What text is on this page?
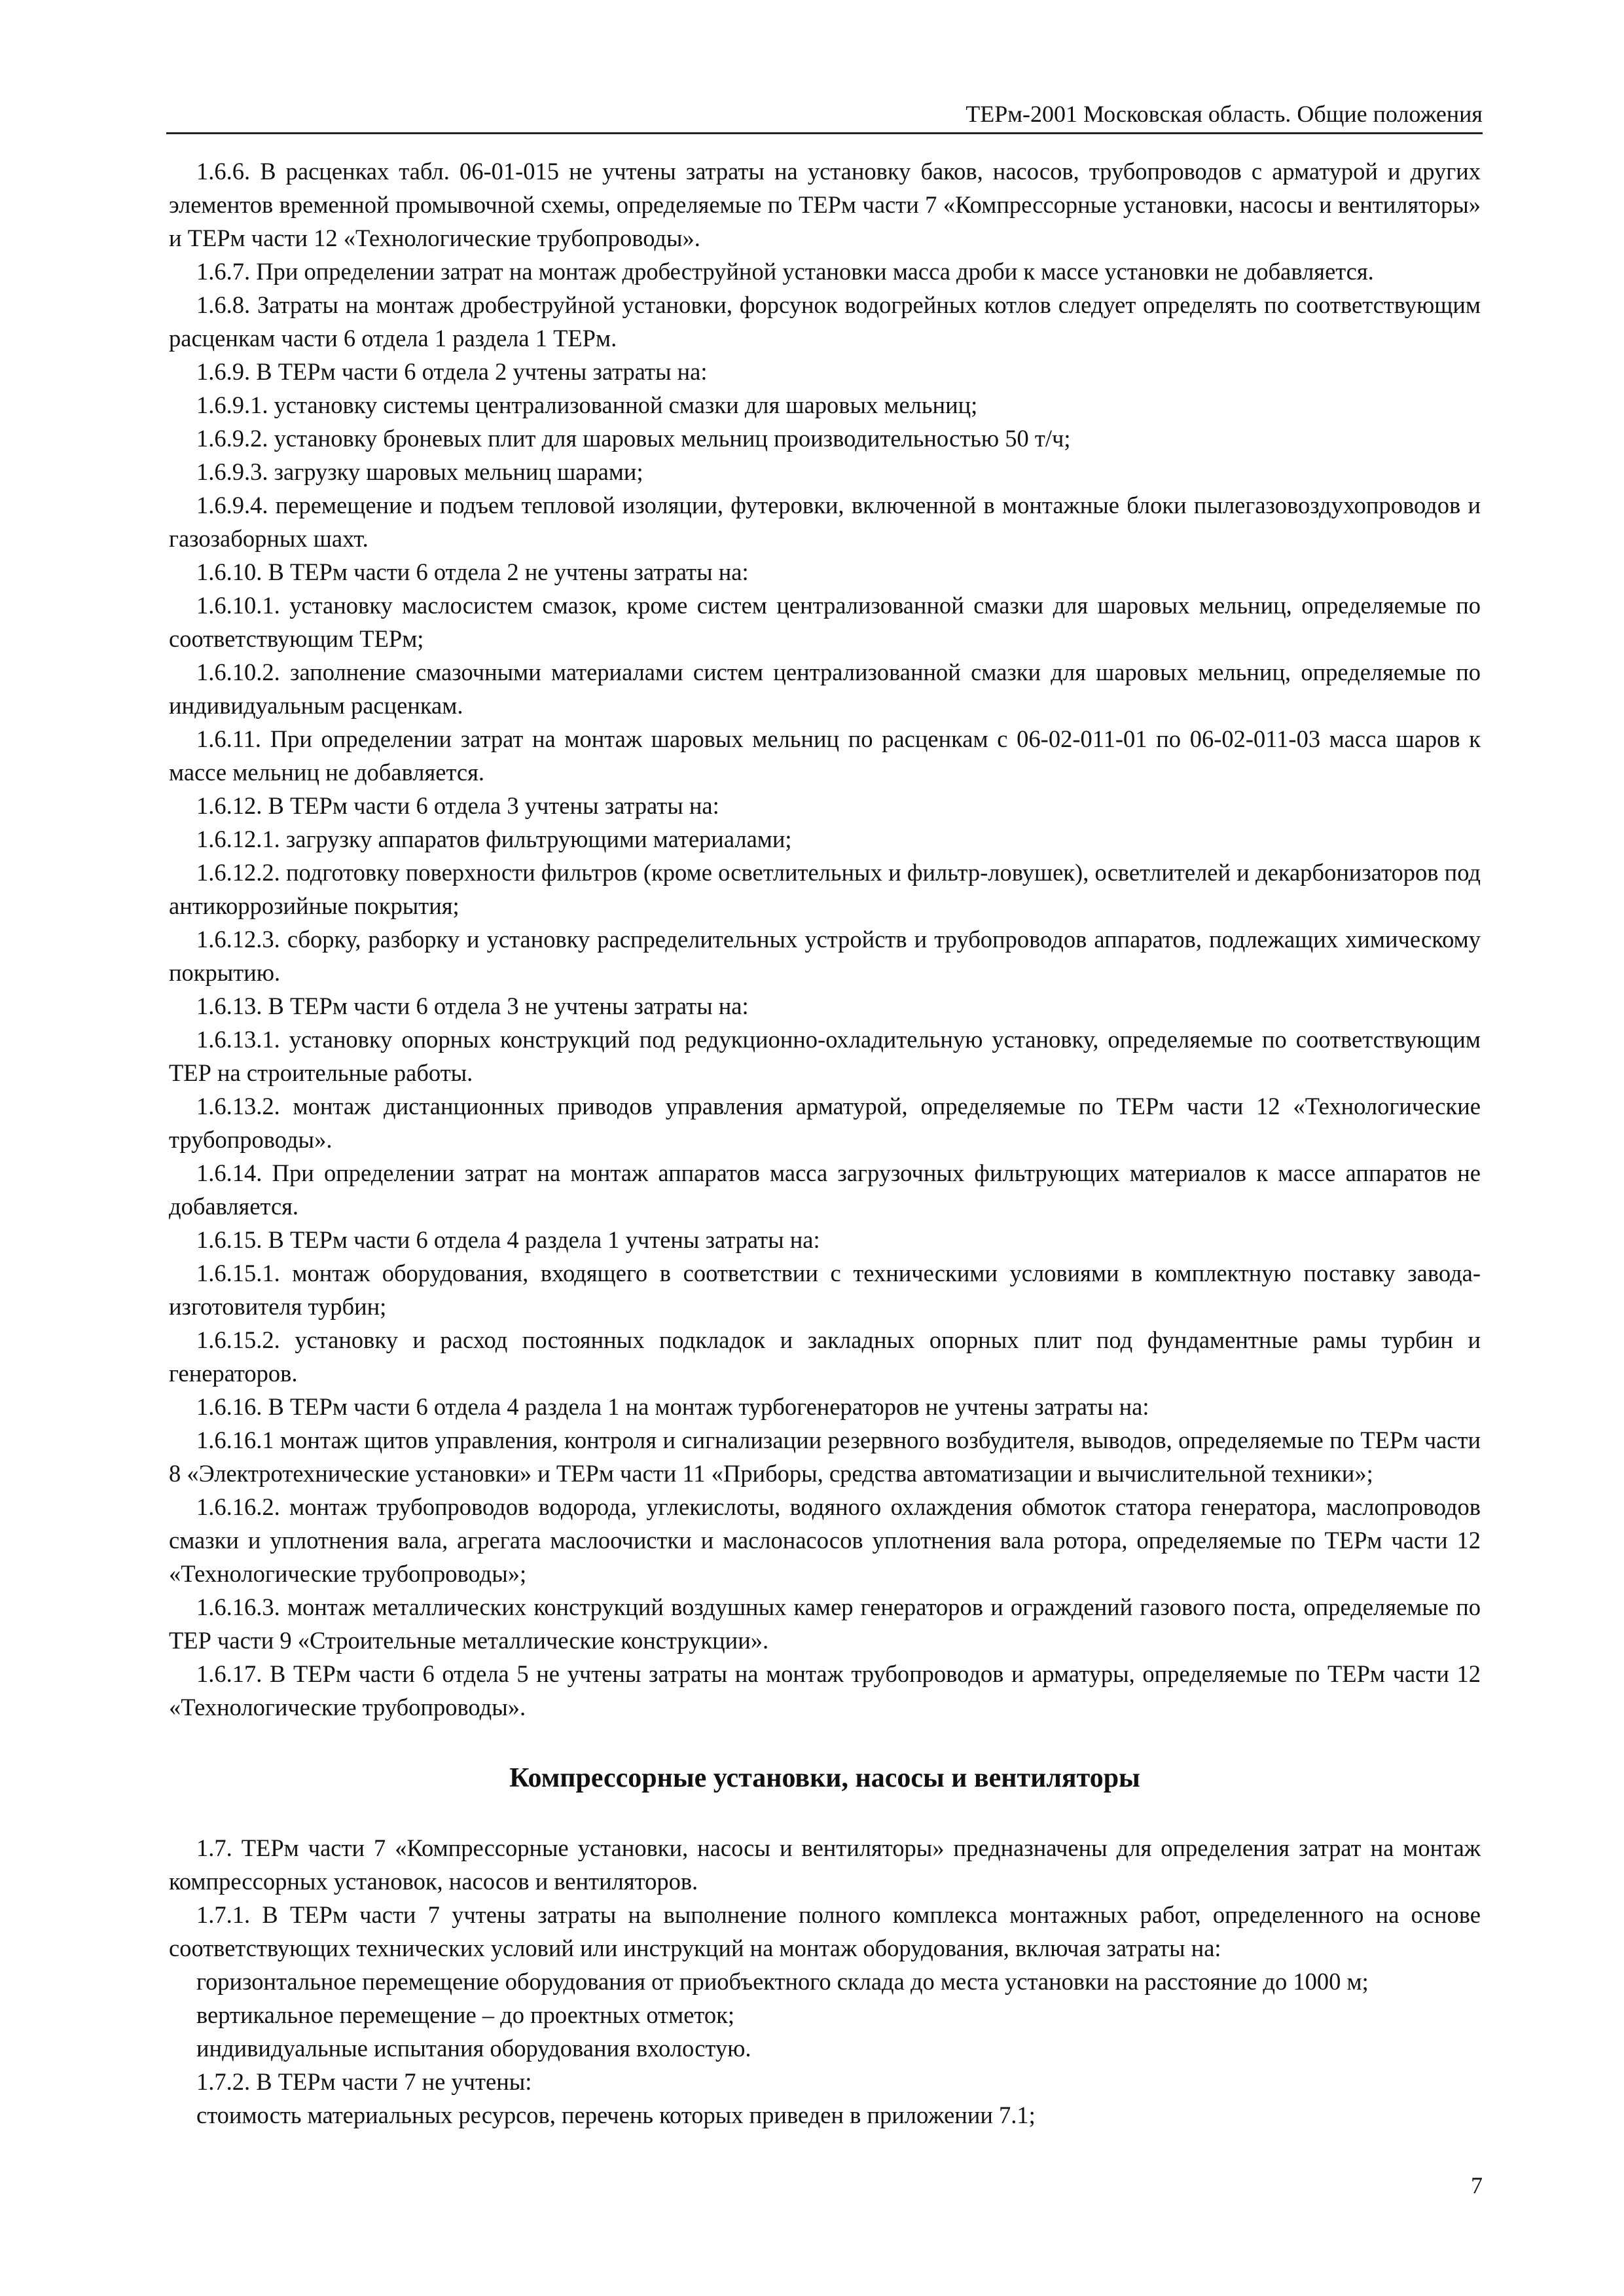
ТЕРм-2001 Московская область. Общие положения

1.6.6. В расценках табл. 06-01-015 не учтены затраты на установку баков, насосов, трубопроводов с арматурой и других элементов временной промывочной схемы, определяемые по ТЕРм части 7 «Компрессорные установки, насосы и вентиляторы» и ТЕРм части 12 «Технологические трубопроводы».

1.6.7. При определении затрат на монтаж дробеструйной установки масса дроби к массе установки не добавляется.

1.6.8. Затраты на монтаж дробеструйной установки, форсунок водогрейных котлов следует определять по соответствующим расценкам части 6 отдела 1 раздела 1 ТЕРм.

1.6.9. В ТЕРм части 6 отдела 2 учтены затраты на:

1.6.9.1. установку системы централизованной смазки для шаровых мельниц;

1.6.9.2. установку броневых плит для шаровых мельниц производительностью 50 т/ч;

1.6.9.3. загрузку шаровых мельниц шарами;

1.6.9.4. перемещение и подъем тепловой изоляции, футеровки, включенной в монтажные блоки пылегазовоздухопроводов и газозаборных шахт.

1.6.10. В ТЕРм части 6 отдела 2 не учтены затраты на:

1.6.10.1. установку маслосистем смазок, кроме систем централизованной смазки для шаровых мельниц, определяемые по соответствующим ТЕРм;

1.6.10.2. заполнение смазочными материалами систем централизованной смазки для шаровых мельниц, определяемые по индивидуальным расценкам.

1.6.11. При определении затрат на монтаж шаровых мельниц по расценкам с 06-02-011-01 по 06-02-011-03 масса шаров к массе мельниц не добавляется.

1.6.12. В ТЕРм части 6 отдела 3 учтены затраты на:

1.6.12.1. загрузку аппаратов фильтрующими материалами;

1.6.12.2. подготовку поверхности фильтров (кроме осветлительных и фильтр-ловушек), осветлителей и декарбонизаторов под антикоррозийные покрытия;

1.6.12.3. сборку, разборку и установку распределительных устройств и трубопроводов аппаратов, подлежащих химическому покрытию.

1.6.13. В ТЕРм части 6 отдела 3 не учтены затраты на:

1.6.13.1. установку опорных конструкций под редукционно-охладительную установку, определяемые по соответствующим ТЕР на строительные работы.

1.6.13.2. монтаж дистанционных приводов управления арматурой, определяемые по ТЕРм части 12 «Технологические трубопроводы».

1.6.14. При определении затрат на монтаж аппаратов масса загрузочных фильтрующих материалов к массе аппаратов не добавляется.

1.6.15. В ТЕРм части 6 отдела 4 раздела 1 учтены затраты на:

1.6.15.1. монтаж оборудования, входящего в соответствии с техническими условиями в комплектную поставку завода-изготовителя турбин;

1.6.15.2. установку и расход постоянных подкладок и закладных опорных плит под фундаментные рамы турбин и генераторов.

1.6.16. В ТЕРм части 6 отдела 4 раздела 1 на монтаж турбогенераторов не учтены затраты на:

1.6.16.1 монтаж щитов управления, контроля и сигнализации резервного возбудителя, выводов, определяемые по ТЕРм части 8 «Электротехнические установки» и ТЕРм части 11 «Приборы, средства автоматизации и вычислительной техники»;

1.6.16.2. монтаж трубопроводов водорода, углекислоты, водяного охлаждения обмоток статора генератора, маслопроводов смазки и уплотнения вала, агрегата маслоочистки и маслонасосов уплотнения вала ротора, определяемые по ТЕРм части 12 «Технологические трубопроводы»;

1.6.16.3. монтаж металлических конструкций воздушных камер генераторов и ограждений газового поста, определяемые по ТЕР части 9 «Строительные металлические конструкции».

1.6.17. В ТЕРм части 6 отдела 5 не учтены затраты на монтаж трубопроводов и арматуры, определяемые по ТЕРм части 12 «Технологические трубопроводы».

Компрессорные установки, насосы и вентиляторы

1.7. ТЕРм части 7 «Компрессорные установки, насосы и вентиляторы» предназначены для определения затрат на монтаж компрессорных установок, насосов и вентиляторов.

1.7.1. В ТЕРм части 7 учтены затраты на выполнение полного комплекса монтажных работ, определенного на основе соответствующих технических условий или инструкций на монтаж оборудования, включая затраты на:

горизонтальное перемещение оборудования от приобъектного склада до места установки на расстояние до 1000 м;

вертикальное перемещение – до проектных отметок;

индивидуальные испытания оборудования вхолостую.

1.7.2. В ТЕРм части 7 не учтены:

стоимость материальных ресурсов, перечень которых приведен в приложении 7.1;

7
